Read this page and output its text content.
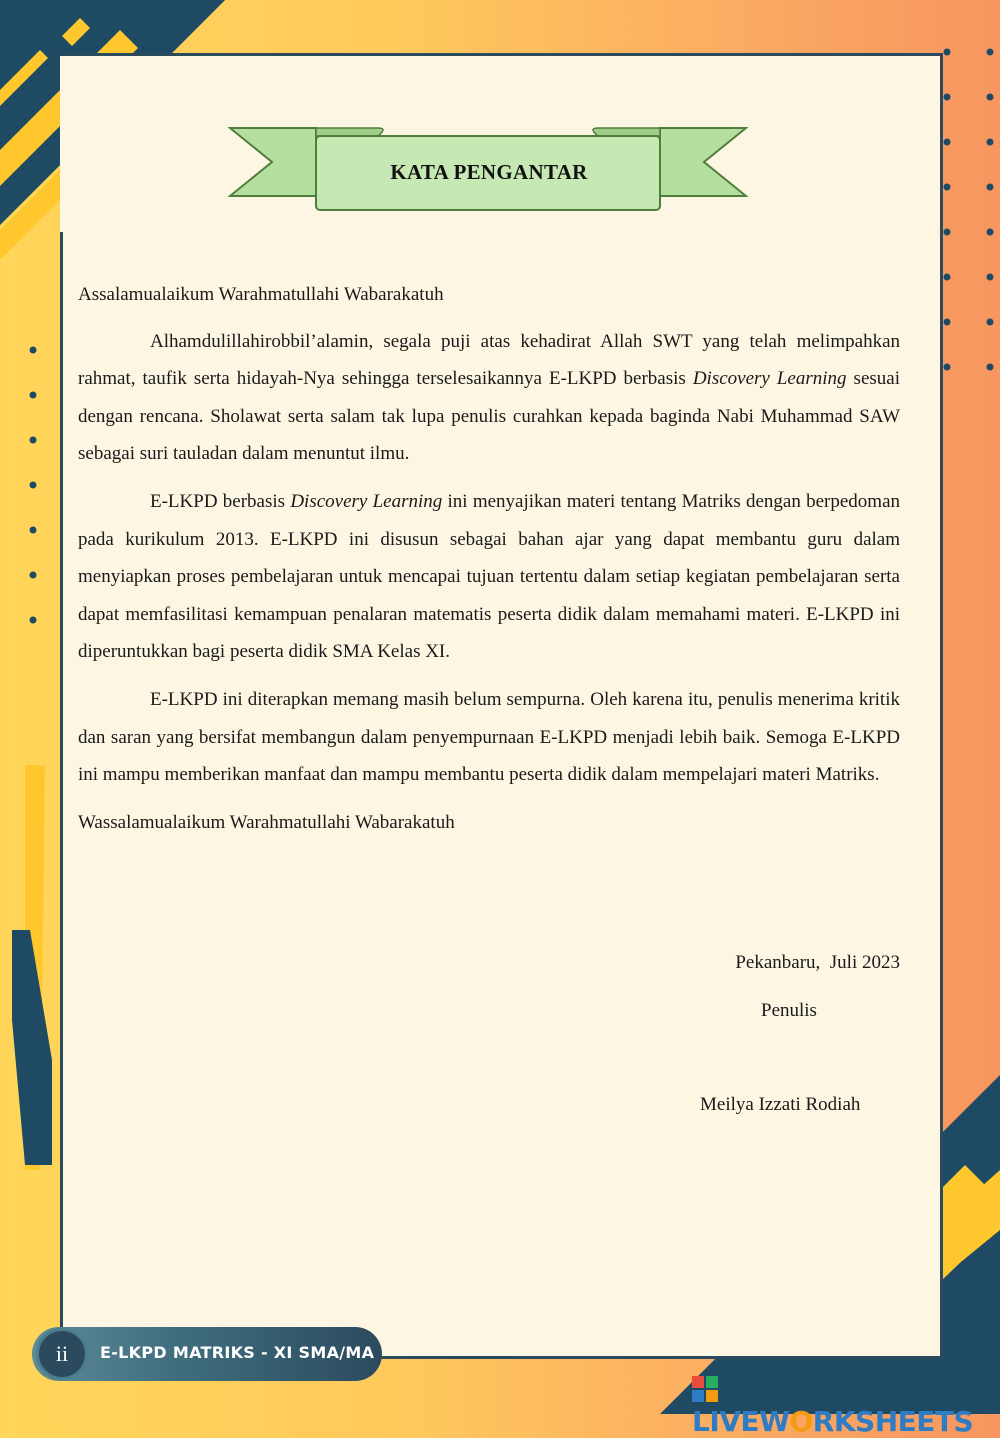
KATA PENGANTAR

Assalamualaikum Warahmatullahi Wabarakatuh

Alhamdulillahirobbil’alamin, segala puji atas kehadirat Allah SWT yang telah melimpahkan rahmat, taufik serta hidayah-Nya sehingga terselesaikannya E-LKPD berbasis Discovery Learning sesuai dengan rencana. Sholawat serta salam tak lupa penulis curahkan kepada baginda Nabi Muhammad SAW sebagai suri tauladan dalam menuntut ilmu.

E-LKPD berbasis Discovery Learning ini menyajikan materi tentang Matriks dengan berpedoman pada kurikulum 2013. E-LKPD ini disusun sebagai bahan ajar yang dapat membantu guru dalam menyiapkan proses pembelajaran untuk mencapai tujuan tertentu dalam setiap kegiatan pembelajaran serta dapat memfasilitasi kemampuan penalaran matematis peserta didik dalam memahami materi. E-LKPD ini diperuntukkan bagi peserta didik SMA Kelas XI.

E-LKPD ini diterapkan memang masih belum sempurna. Oleh karena itu, penulis menerima kritik dan saran yang bersifat membangun dalam penyempurnaan E-LKPD menjadi lebih baik. Semoga E-LKPD ini mampu memberikan manfaat dan mampu membantu peserta didik dalam mempelajari materi Matriks.

Wassalamualaikum Warahmatullahi Wabarakatuh

Pekanbaru,  Juli 2023
Penulis
Meilya Izzati Rodiah
ii	E-LKPD MATRIKS - XI SMA/MA
LIVEWORKSHEETS
